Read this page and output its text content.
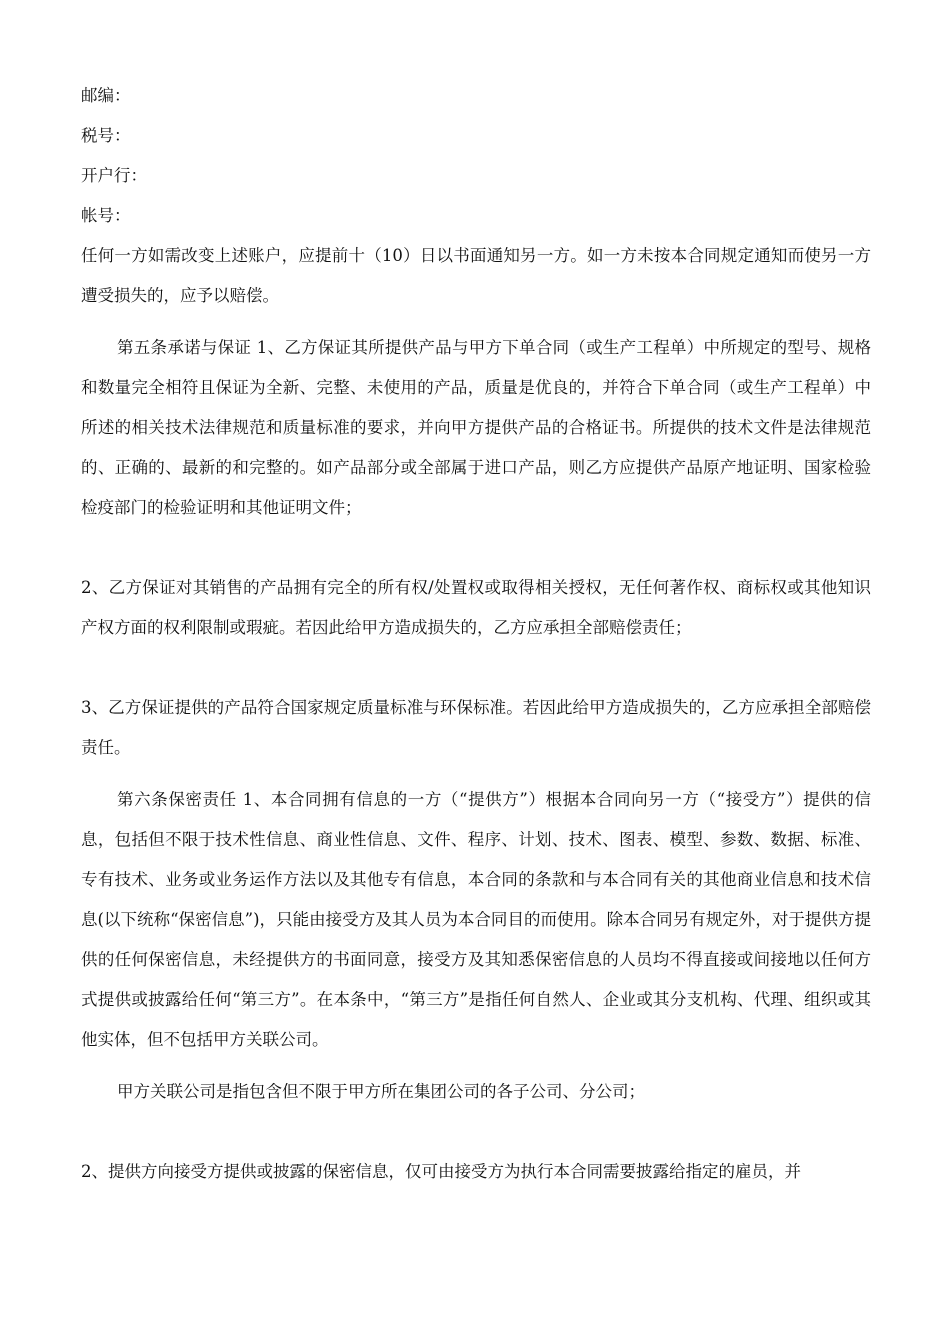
邮编：
税号：
开户行：
帐号：

任何一方如需改变上述账户，应提前十（10）日以书面通知另一方。如一方未按本合同规定通知而使另一方遭受损失的，应予以赔偿。

第五条承诺与保证 1、乙方保证其所提供产品与甲方下单合同（或生产工程单）中所规定的型号、规格和数量完全相符且保证为全新、完整、未使用的产品，质量是优良的，并符合下单合同（或生产工程单）中所述的相关技术法律规范和质量标准的要求，并向甲方提供产品的合格证书。所提供的技术文件是法律规范的、正确的、最新的和完整的。如产品部分或全部属于进口产品，则乙方应提供产品原产地证明、国家检验检疫部门的检验证明和其他证明文件；

2、乙方保证对其销售的产品拥有完全的所有权/处置权或取得相关授权，无任何著作权、商标权或其他知识产权方面的权利限制或瑕疵。若因此给甲方造成损失的，乙方应承担全部赔偿责任；

3、乙方保证提供的产品符合国家规定质量标准与环保标准。若因此给甲方造成损失的，乙方应承担全部赔偿责任。

第六条保密责任 1、本合同拥有信息的一方（“提供方”）根据本合同向另一方（“接受方”）提供的信息，包括但不限于技术性信息、商业性信息、文件、程序、计划、技术、图表、模型、参数、数据、标准、专有技术、业务或业务运作方法以及其他专有信息，本合同的条款和与本合同有关的其他商业信息和技术信息(以下统称“保密信息”)，只能由接受方及其人员为本合同目的而使用。除本合同另有规定外，对于提供方提供的任何保密信息，未经提供方的书面同意，接受方及其知悉保密信息的人员均不得直接或间接地以任何方式提供或披露给任何“第三方”。在本条中，“第三方”是指任何自然人、企业或其分支机构、代理、组织或其他实体，但不包括甲方关联公司。

甲方关联公司是指包含但不限于甲方所在集团公司的各子公司、分公司；

2、提供方向接受方提供或披露的保密信息，仅可由接受方为执行本合同需要披露给指定的雇员，并
